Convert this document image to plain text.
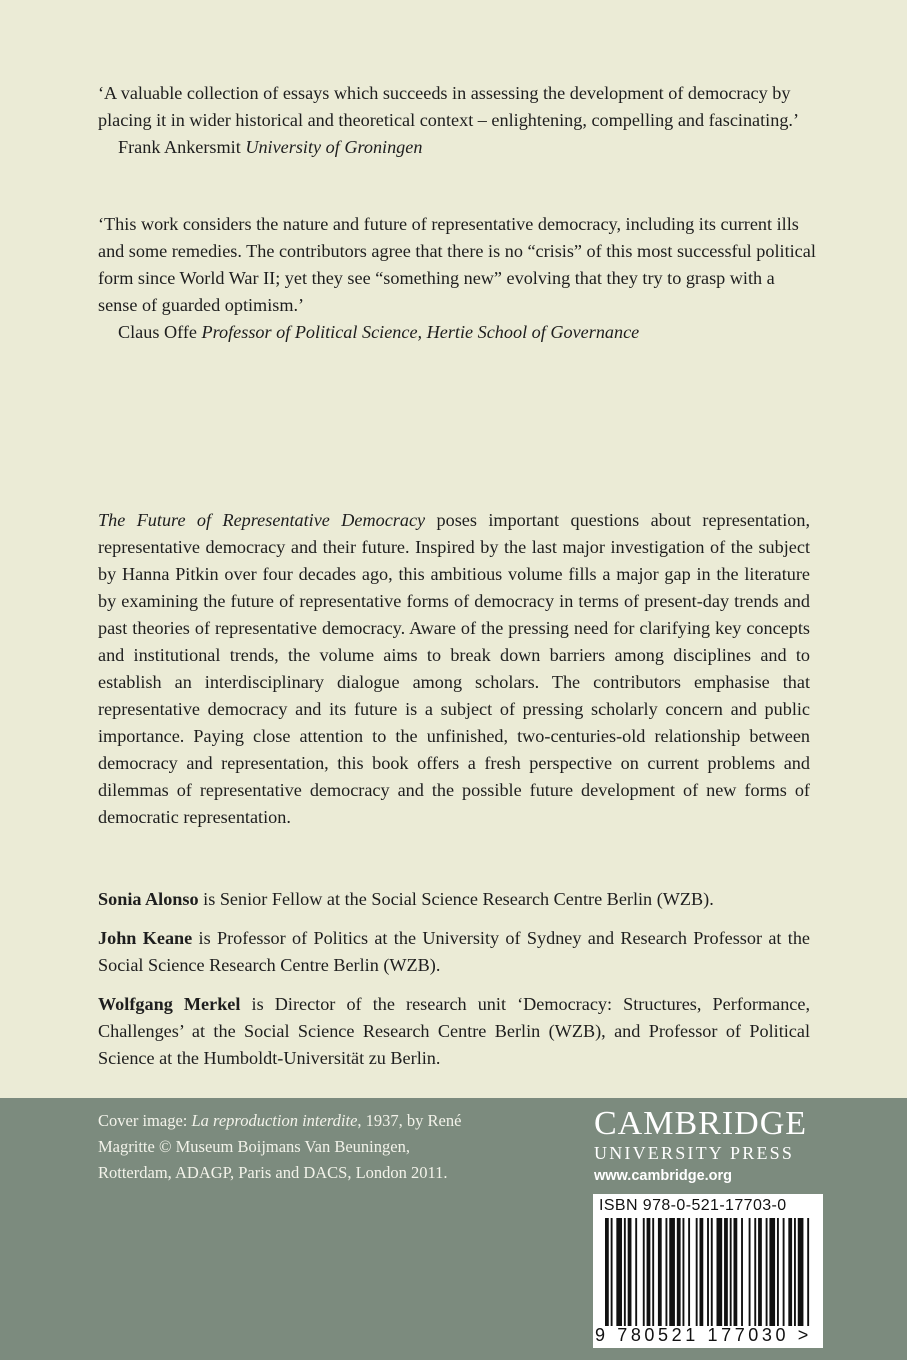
‘A valuable collection of essays which succeeds in assessing the development of democracy by placing it in wider historical and theoretical context – enlightening, compelling and fascinating.’

Frank Ankersmit University of Groningen

‘This work considers the nature and future of representative democracy, including its current ills and some remedies. The contributors agree that there is no “crisis” of this most successful political form since World War II; yet they see “something new” evolving that they try to grasp with a sense of guarded optimism.’

Claus Offe Professor of Political Science, Hertie School of Governance

The Future of Representative Democracy poses important questions about representation, representative democracy and their future. Inspired by the last major investigation of the subject by Hanna Pitkin over four decades ago, this ambitious volume fills a major gap in the literature by examining the future of representative forms of democracy in terms of present-day trends and past theories of representative democracy. Aware of the pressing need for clarifying key concepts and institutional trends, the volume aims to break down barriers among disciplines and to establish an interdisciplinary dialogue among scholars. The contributors emphasise that representative democracy and its future is a subject of pressing scholarly concern and public importance. Paying close attention to the unfinished, two-centuries-old relationship between democracy and representation, this book offers a fresh perspective on current problems and dilemmas of representative democracy and the possible future development of new forms of democratic representation.

Sonia Alonso is Senior Fellow at the Social Science Research Centre Berlin (WZB).

John Keane is Professor of Politics at the University of Sydney and Research Professor at the Social Science Research Centre Berlin (WZB).

Wolfgang Merkel is Director of the research unit ‘Democracy: Structures, Performance, Challenges’ at the Social Science Research Centre Berlin (WZB), and Professor of Political Science at the Humboldt-Universität zu Berlin.

Cover image: La reproduction interdite, 1937, by René Magritte © Museum Boijmans Van Beuningen, Rotterdam, ADAGP, Paris and DACS, London 2011.
CAMBRIDGE
UNIVERSITY PRESS
www.cambridge.org
ISBN 978-0-521-17703-0
9 780521 177030 >
